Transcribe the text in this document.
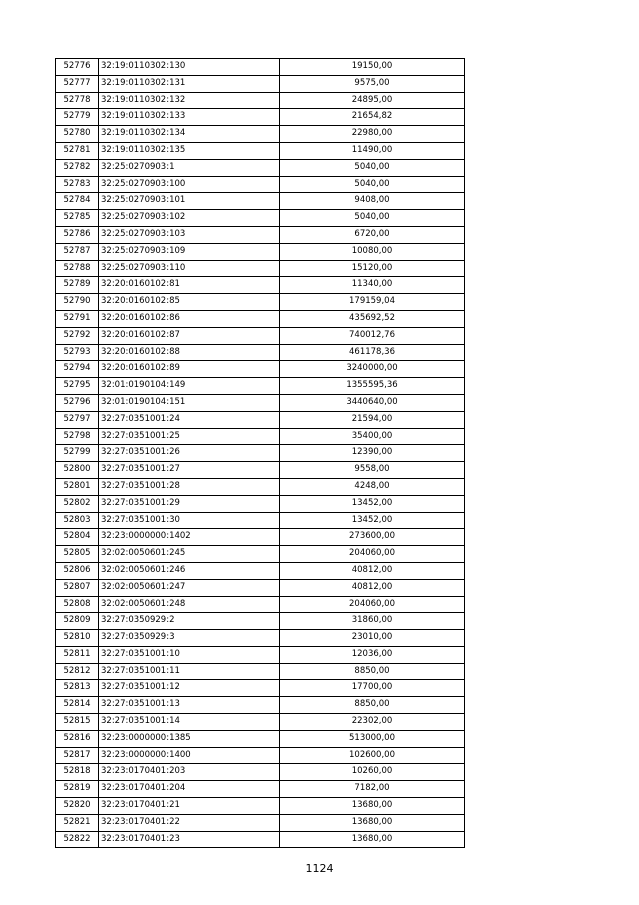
52776	32:19:0110302:130	19150,00
52777	32:19:0110302:131	9575,00
52778	32:19:0110302:132	24895,00
52779	32:19:0110302:133	21654,82
52780	32:19:0110302:134	22980,00
52781	32:19:0110302:135	11490,00
52782	32:25:0270903:1	5040,00
52783	32:25:0270903:100	5040,00
52784	32:25:0270903:101	9408,00
52785	32:25:0270903:102	5040,00
52786	32:25:0270903:103	6720,00
52787	32:25:0270903:109	10080,00
52788	32:25:0270903:110	15120,00
52789	32:20:0160102:81	11340,00
52790	32:20:0160102:85	179159,04
52791	32:20:0160102:86	435692,52
52792	32:20:0160102:87	740012,76
52793	32:20:0160102:88	461178,36
52794	32:20:0160102:89	3240000,00
52795	32:01:0190104:149	1355595,36
52796	32:01:0190104:151	3440640,00
52797	32:27:0351001:24	21594,00
52798	32:27:0351001:25	35400,00
52799	32:27:0351001:26	12390,00
52800	32:27:0351001:27	9558,00
52801	32:27:0351001:28	4248,00
52802	32:27:0351001:29	13452,00
52803	32:27:0351001:30	13452,00
52804	32:23:0000000:1402	273600,00
52805	32:02:0050601:245	204060,00
52806	32:02:0050601:246	40812,00
52807	32:02:0050601:247	40812,00
52808	32:02:0050601:248	204060,00
52809	32:27:0350929:2	31860,00
52810	32:27:0350929:3	23010,00
52811	32:27:0351001:10	12036,00
52812	32:27:0351001:11	8850,00
52813	32:27:0351001:12	17700,00
52814	32:27:0351001:13	8850,00
52815	32:27:0351001:14	22302,00
52816	32:23:0000000:1385	513000,00
52817	32:23:0000000:1400	102600,00
52818	32:23:0170401:203	10260,00
52819	32:23:0170401:204	7182,00
52820	32:23:0170401:21	13680,00
52821	32:23:0170401:22	13680,00
52822	32:23:0170401:23	13680,00
1124
